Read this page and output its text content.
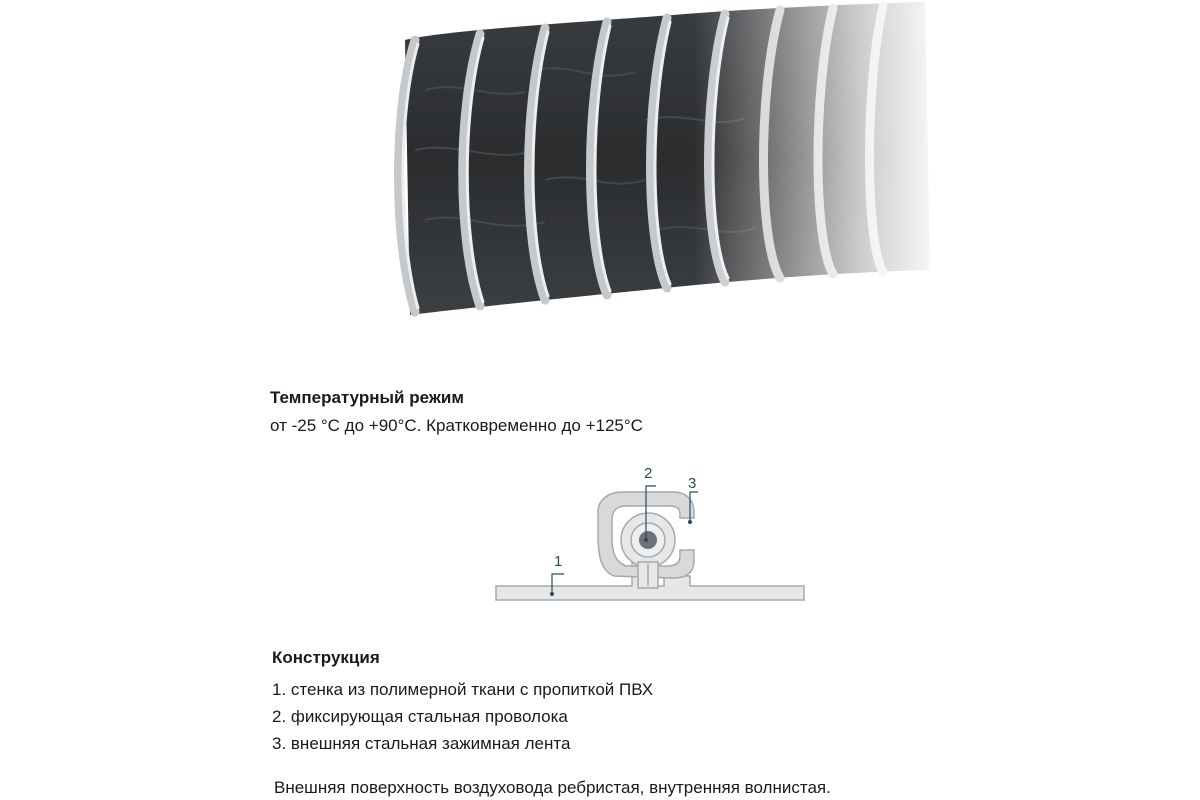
Температурный режим

от -25 °C до +90°C. Кратковременно до +125°C

1
2
3

Конструкция

1. стенка из полимерной ткани с пропиткой ПВХ
2. фиксирующая стальная проволока
3. внешняя стальная зажимная лента

Внешняя поверхность воздуховода ребристая, внутренняя волнистая.
